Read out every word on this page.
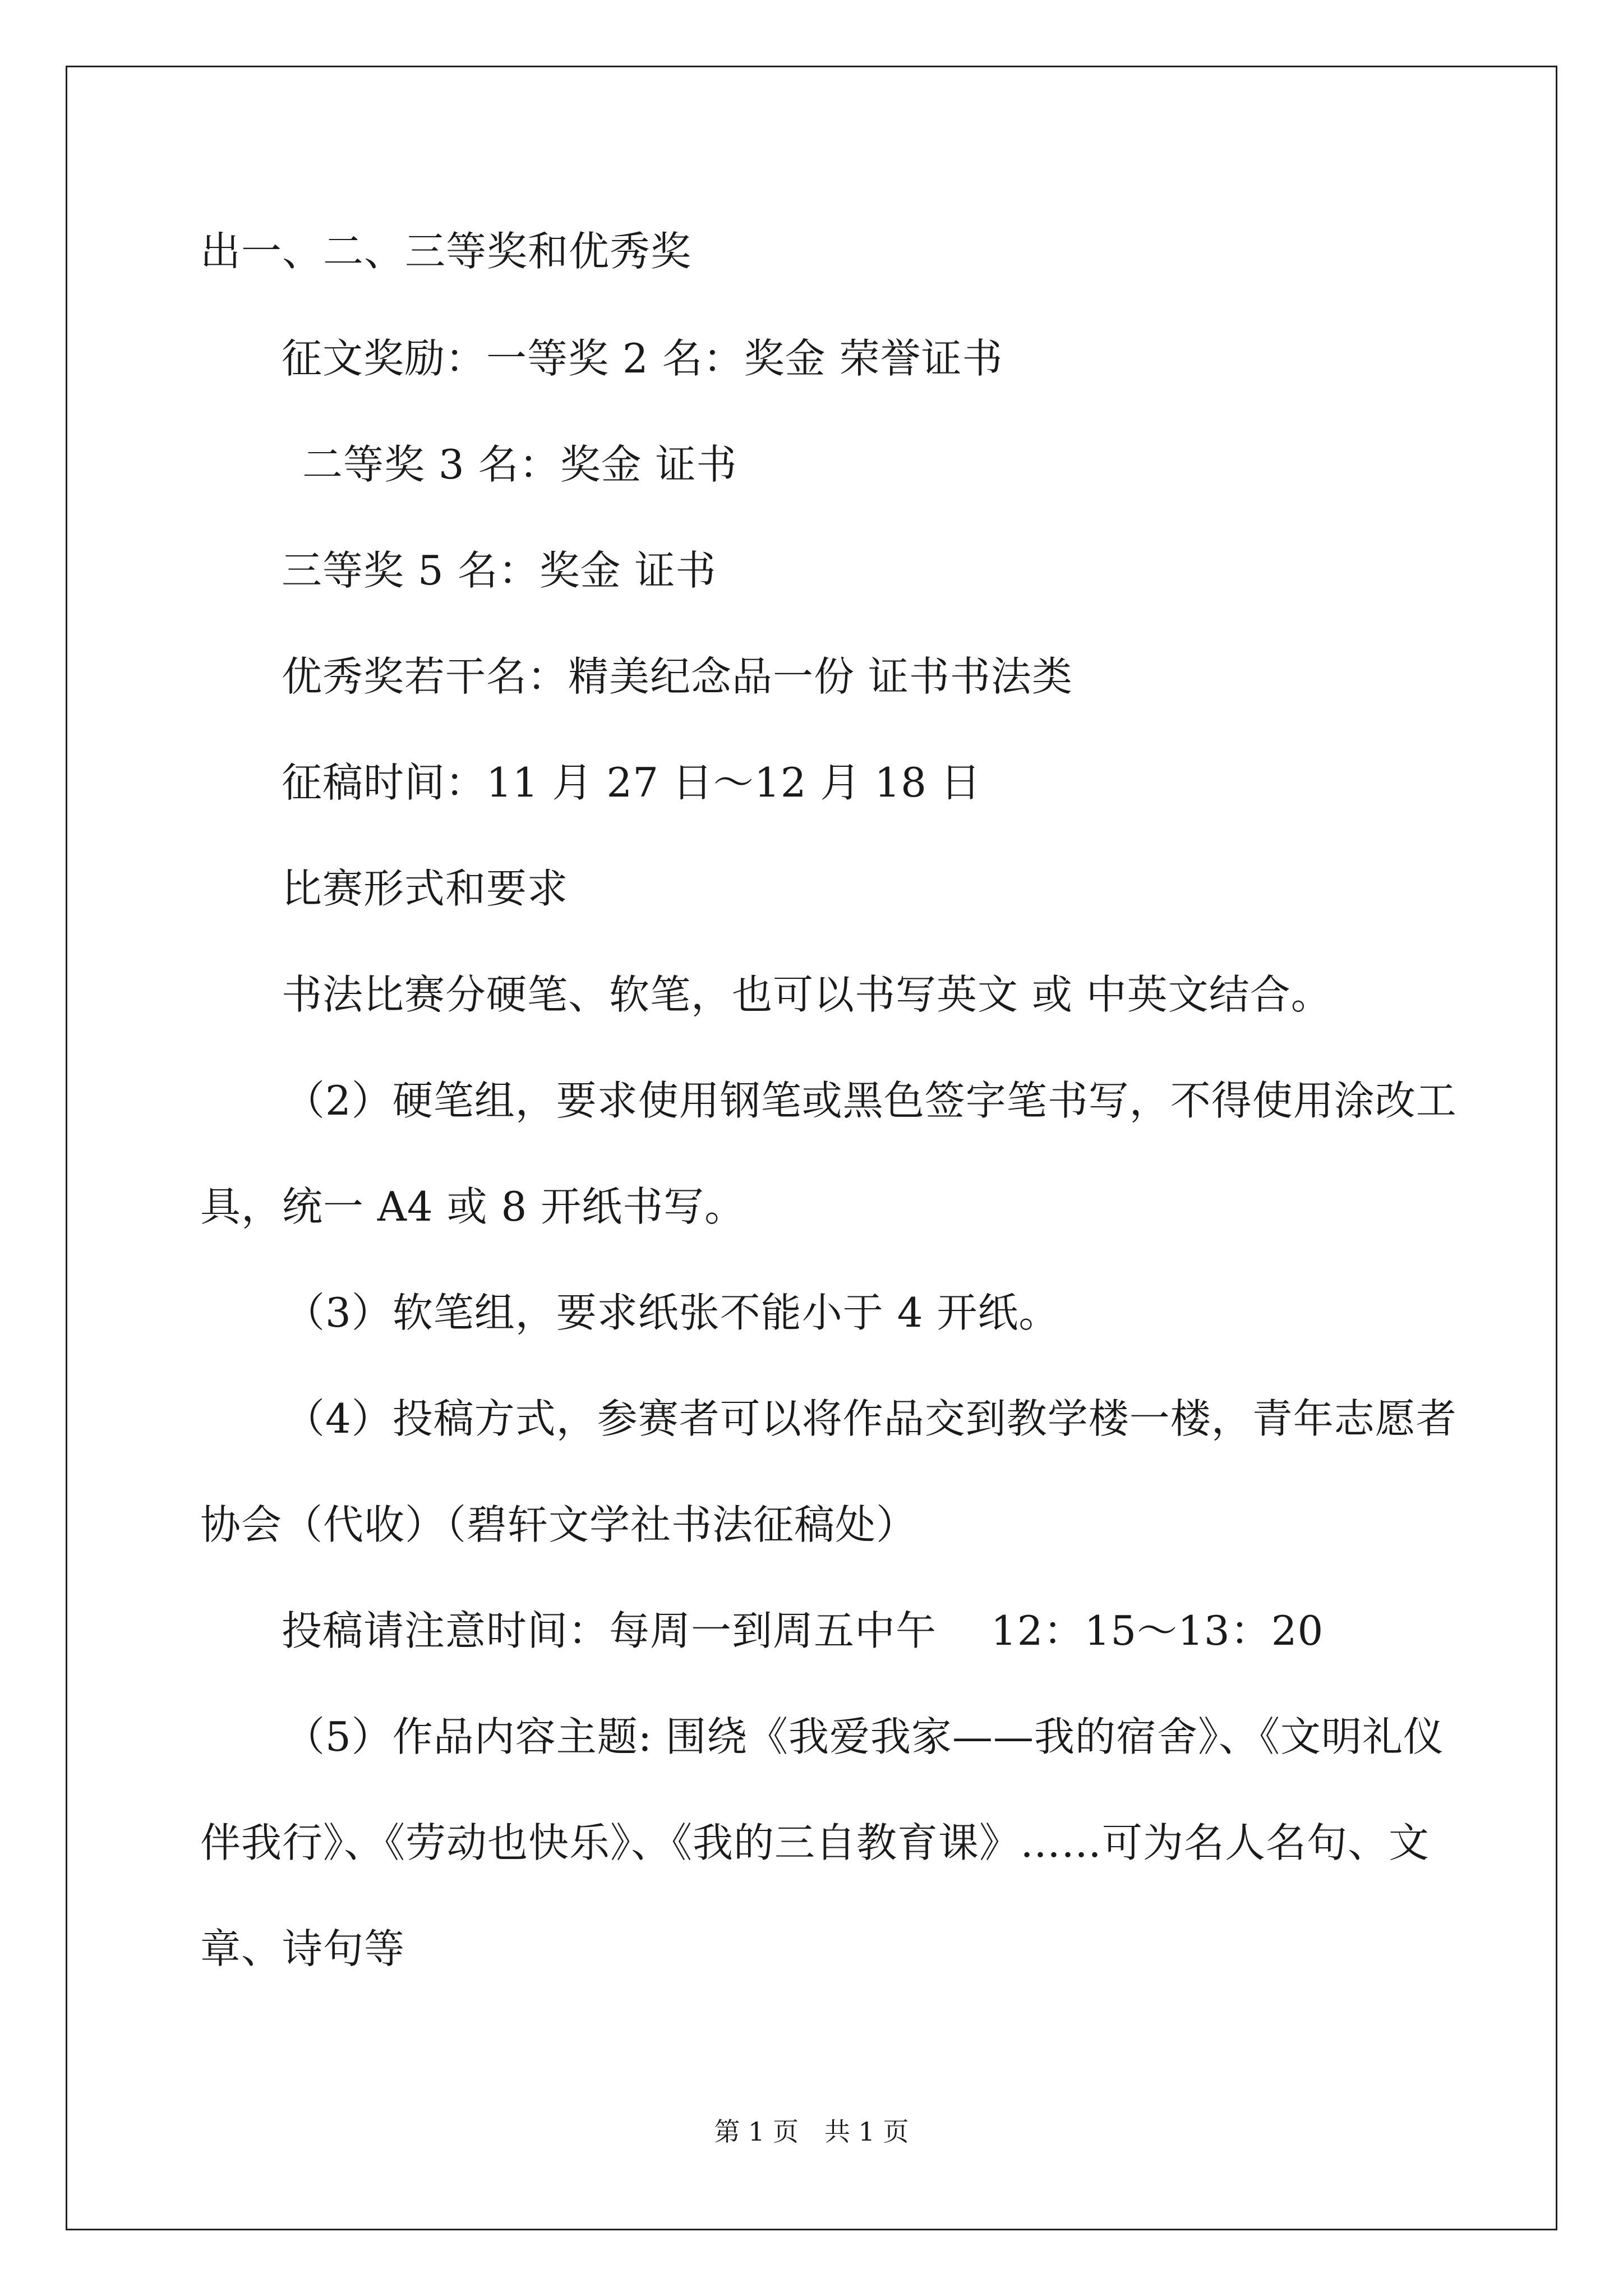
出一、二、三等奖和优秀奖
征文奖励：一等奖 2 名：奖金 荣誉证书
二等奖 3 名：奖金 证书
三等奖 5 名：奖金 证书
优秀奖若干名：精美纪念品一份 证书书法类
征稿时间：11 月 27 日～12 月 18 日
比赛形式和要求
书法比赛分硬笔、软笔，也可以书写英文 或 中英文结合。
（2）硬笔组，要求使用钢笔或黑色签字笔书写，不得使用涂改工
具，统一 A4 或 8 开纸书写。
（3）软笔组，要求纸张不能小于 4 开纸。
（4）投稿方式，参赛者可以将作品交到教学楼一楼，青年志愿者
协会（代收）（碧轩文学社书法征稿处）
投稿请注意时间：每周一到周五中午　 12：15～13：20
（5）作品内容主题: 围绕《我爱我家——我的宿舍》、《文明礼仪
伴我行》、《劳动也快乐》、《我的三自教育课》……可为名人名句、文
章、诗句等
第 1 页　共 1 页
